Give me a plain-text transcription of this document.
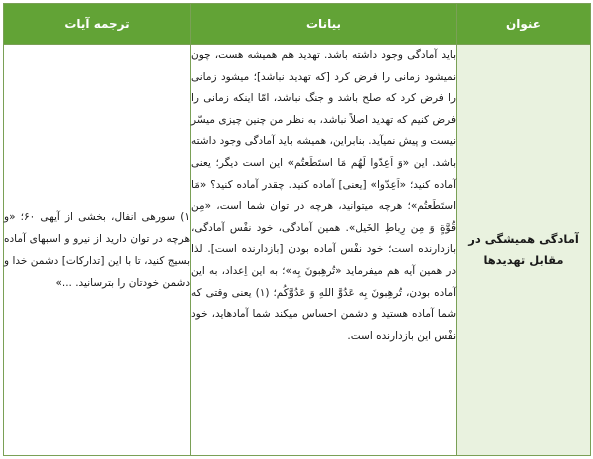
عنوان	بیانات	ترجمه آیات
آمادگی همیشگی در مقابل تهدیدها	باید آمادگی وجود داشته باشد. تهدید هم همیشه هست، چون نمیشود زمانی را فرض کرد [که تهدید نباشد]؛ میشود زمانی را فرض کرد که صلح باشد و جنگ نباشد، امّا اینکه زمانی را فرض کنیم که تهدید اصلاً نباشد، به نظر من چنین چیزی میسّر نیست و پیش نمیآید. بنابراین، همیشه باید آمادگی وجود داشته باشد. این «وَ اَعِدّوا لَهُم مَا استَطَعتُم» این است دیگر؛ یعنی آماده کنید؛ «اَعِدّوا» [یعنی] آماده کنید. چقدر آماده کنید؟ «مَا استَطَعتُم»؛ هرچه میتوانید، هرچه در توان شما است، «مِن قُوَّةٍ وَ مِن رِباطِ الخَیل». همین آمادگی، خود نفْس آمادگی، بازدارنده است؛ خود نفْس آماده بودن [بازدارنده است]. لذا در همین آیه هم میفرماید «تُرهِبونَ بِه»؛ به این اِعداد، به این آماده بودن، تُرهِبونَ بِه عَدُوَّ اللهِ وَ عَدُوَّکُم؛ (۱) یعنی وقتی که شما آماده هستید و دشمن احساس میکند شما آمادهاید، خود نفْس این بازدارنده است.	۱) سورهی انفال، بخشی از آیهی ۶۰؛ «و هرچه در توان دارید از نیرو و اسبهای آماده بسیج کنید، تا با این [تدارکات] دشمن خدا و دشمن خودتان را بترسانید. ...»
